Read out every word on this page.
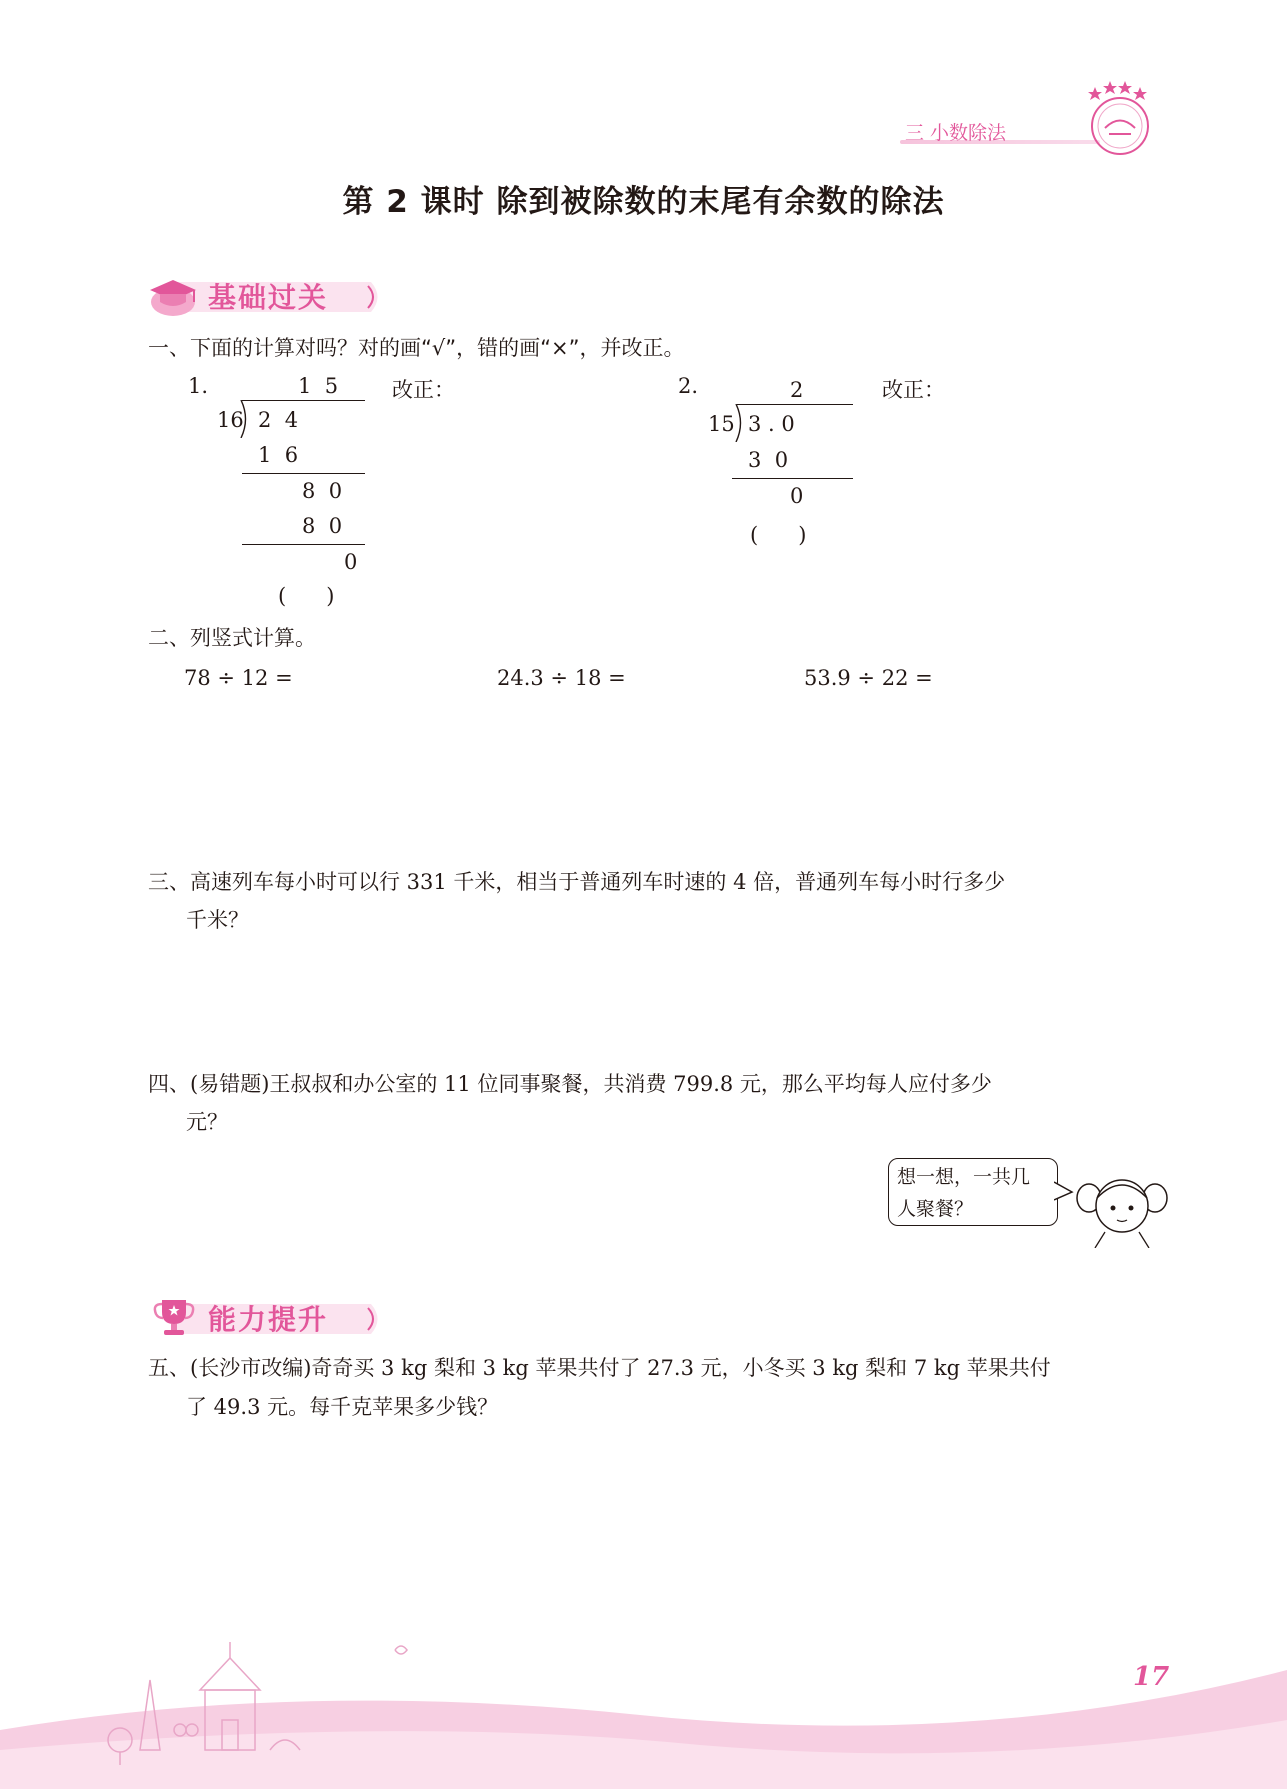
三 小数除法
第 2 课时 除到被除数的末尾有余数的除法
基础过关
一、下面的计算对吗？对的画“√”，错的画“×”，并改正。
1.	改正：
1  5
16 2  4
1  6
8  0
8  0
0
(      )
2.	改正：
2
15 3 . 0
3  0
0
(      )
二、列竖式计算。
78 ÷ 12 =	24.3 ÷ 18 =	53.9 ÷ 22 =
三、高速列车每小时可以行 331 千米，相当于普通列车时速的 4 倍，普通列车每小时行多少
千米？
四、(易错题)王叔叔和办公室的 11 位同事聚餐，共消费 799.8 元，那么平均每人应付多少
元？
想一想，一共几
人聚餐？
能力提升
五、(长沙市改编)奇奇买 3 kg 梨和 3 kg 苹果共付了 27.3 元，小冬买 3 kg 梨和 7 kg 苹果共付
了 49.3 元。每千克苹果多少钱？
17
